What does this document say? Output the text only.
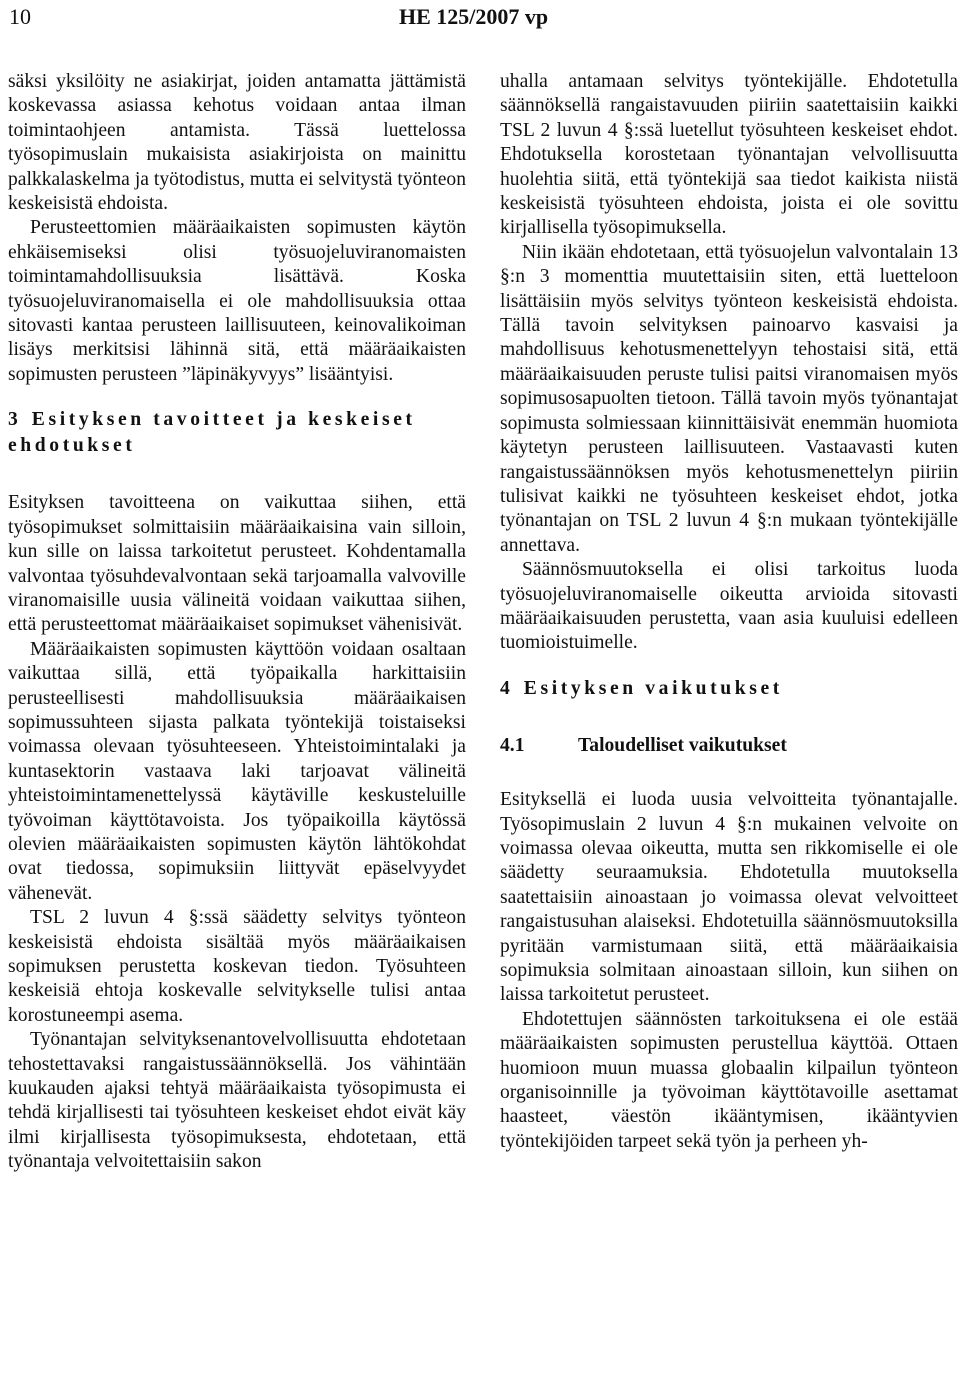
10	HE 125/2007 vp

säksi yksilöity ne asiakirjat, joiden antamatta jättämistä koskevassa asiassa kehotus voidaan antaa ilman toimintaohjeen antamista. Tässä luettelossa työsopimuslain mukaisista asiakirjoista on mainittu palkkalaskelma ja työtodistus, mutta ei selvitystä työnteon keskeisistä ehdoista.

Perusteettomien määräaikaisten sopimusten käytön ehkäisemiseksi olisi työsuojeluviranomaisten toimintamahdollisuuksia lisättävä. Koska työsuojeluviranomaisella ei ole mahdollisuuksia ottaa sitovasti kantaa perusteen laillisuuteen, keinovalikoiman lisäys merkitsisi lähinnä sitä, että määräaikaisten sopimusten perusteen ”läpinäkyvyys” lisääntyisi.

3 Esityksen tavoitteet ja keskeiset ehdotukset

Esityksen tavoitteena on vaikuttaa siihen, että työsopimukset solmittaisiin määräaikaisina vain silloin, kun sille on laissa tarkoitetut perusteet. Kohdentamalla valvontaa työsuhdevalvontaan sekä tarjoamalla valvoville viranomaisille uusia välineitä voidaan vaikuttaa siihen, että perusteettomat määräaikaiset sopimukset vähenisivät.

Määräaikaisten sopimusten käyttöön voidaan osaltaan vaikuttaa sillä, että työpaikalla harkittaisiin perusteellisesti mahdollisuuksia määräaikaisen sopimussuhteen sijasta palkata työntekijä toistaiseksi voimassa olevaan työsuhteeseen. Yhteistoimintalaki ja kuntasektorin vastaava laki tarjoavat välineitä yhteistoimintamenettelyssä käytäville keskusteluille työvoiman käyttötavoista. Jos työpaikoilla käytössä olevien määräaikaisten sopimusten käytön lähtökohdat ovat tiedossa, sopimuksiin liittyvät epäselvyydet vähenevät.

TSL 2 luvun 4 §:ssä säädetty selvitys työnteon keskeisistä ehdoista sisältää myös määräaikaisen sopimuksen perustetta koskevan tiedon. Työsuhteen keskeisiä ehtoja koskevalle selvitykselle tulisi antaa korostuneempi asema.

Työnantajan selvityksenantovelvollisuutta ehdotetaan tehostettavaksi rangaistussäännöksellä. Jos vähintään kuukauden ajaksi tehtyä määräaikaista työsopimusta ei tehdä kirjallisesti tai työsuhteen keskeiset ehdot eivät käy ilmi kirjallisesta työsopimuksesta, ehdotetaan, että työnantaja velvoitettaisiin sakon

uhalla antamaan selvitys työntekijälle. Ehdotetulla säännöksellä rangaistavuuden piiriin saatettaisiin kaikki TSL 2 luvun 4 §:ssä luetellut työsuhteen keskeiset ehdot. Ehdotuksella korostetaan työnantajan velvollisuutta huolehtia siitä, että työntekijä saa tiedot kaikista niistä keskeisistä työsuhteen ehdoista, joista ei ole sovittu kirjallisella työsopimuksella.

Niin ikään ehdotetaan, että työsuojelun valvontalain 13 §:n 3 momenttia muutettaisiin siten, että luetteloon lisättäisiin myös selvitys työnteon keskeisistä ehdoista. Tällä tavoin selvityksen painoarvo kasvaisi ja mahdollisuus kehotusmenettelyyn tehostaisi sitä, että määräaikaisuuden peruste tulisi paitsi viranomaisen myös sopimusosapuolten tietoon. Tällä tavoin myös työnantajat sopimusta solmiessaan kiinnittäisivät enemmän huomiota käytetyn perusteen laillisuuteen. Vastaavasti kuten rangaistussäännöksen myös kehotusmenettelyn piiriin tulisivat kaikki ne työsuhteen keskeiset ehdot, jotka työnantajan on TSL 2 luvun 4 §:n mukaan työntekijälle annettava.

Säännösmuutoksella ei olisi tarkoitus luoda työsuojeluviranomaiselle oikeutta arvioida sitovasti määräaikaisuuden perustetta, vaan asia kuuluisi edelleen tuomioistuimelle.

4 Esityksen vaikutukset
4.1	Taloudelliset vaikutukset

Esityksellä ei luoda uusia velvoitteita työnantajalle. Työsopimuslain 2 luvun 4 §:n mukainen velvoite on voimassa olevaa oikeutta, mutta sen rikkomiselle ei ole säädetty seuraamuksia. Ehdotetulla muutoksella saatettaisiin ainoastaan jo voimassa olevat velvoitteet rangaistusuhan alaiseksi. Ehdotetuilla säännösmuutoksilla pyritään varmistumaan siitä, että määräaikaisia sopimuksia solmitaan ainoastaan silloin, kun siihen on laissa tarkoitetut perusteet.

Ehdotettujen säännösten tarkoituksena ei ole estää määräaikaisten sopimusten perustellua käyttöä. Ottaen huomioon muun muassa globaalin kilpailun työnteon organisoinnille ja työvoiman käyttötavoille asettamat haasteet, väestön ikääntymisen, ikääntyvien työntekijöiden tarpeet sekä työn ja perheen yh-
